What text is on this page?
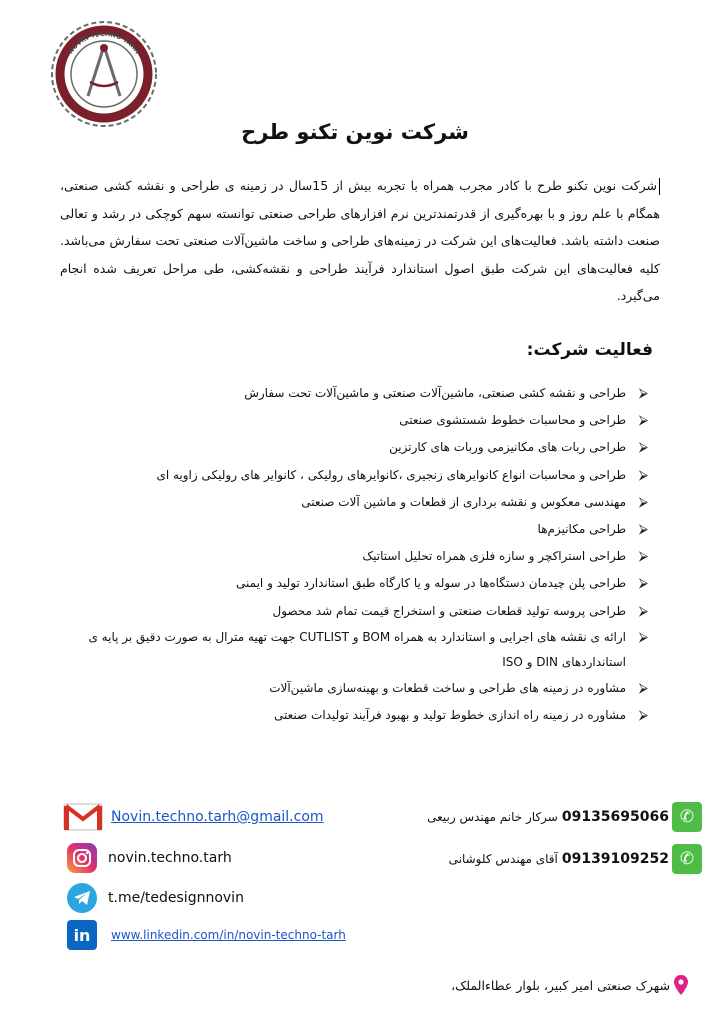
NOVIN TECHNO TARH
شرکت نوین تکنو طرح
شرکت نوین تکنو طرح با کادر مجرب همراه با تجربه بیش از 15سال در زمینه ی طراحی و نقشه کشی صنعتی، همگام با علم روز و با بهره‌گیری از قدرتمندترین نرم افزارهای طراحی صنعتی توانسته سهم کوچکی در رشد و تعالی صنعت داشته باشد. فعالیت‌های این شرکت در زمینه‌های طراحی و ساخت ماشین‌آلات صنعتی تحت سفارش می‌باشد. کلیه فعالیت‌های این شرکت طبق اصول استاندارد فرآیند طراحی و نقشه‌کشی، طی مراحل تعریف شده انجام می‌گیرد.
فعالیت شرکت:
⮚
طراحی و نقشه کشی صنعتی، ماشین‌آلات صنعتی و ماشین‌آلات تحت سفارش
⮚
طراحی و محاسبات خطوط شستشوی صنعتی
⮚
طراحی ربات های مکانیزمی وربات های کارتزین
⮚
طراحی و محاسبات انواع کانوایرهای زنجیری ،کانوایرهای رولیکی ، کانوایر های رولیکی زاویه ای
⮚
مهندسی معکوس و نقشه برداری از قطعات و ماشین آلات صنعتی
⮚
طراحی مکانیزم‌ها
⮚
طراحی استراکچر و سازه فلزی همراه تحلیل استاتیک
⮚
طراحی پلن چیدمان دستگاه‌ها در سوله و یا کارگاه طبق استاندارد تولید و ایمنی
⮚
طراحی پروسه تولید قطعات صنعتی و استخراج قیمت تمام شد محصول
⮚
ارائه ی نقشه های اجرایی و استاندارد به همراه BOM و CUTLIST جهت تهیه مترال به صورت دقیق بر پایه ی استانداردهای DIN و ISO
⮚
مشاوره در زمینه های طراحی و ساخت قطعات و بهینه‌سازی ماشین‌آلات
⮚
مشاوره در زمینه راه اندازی خطوط تولید و بهبود فرآیند تولیدات صنعتی
✆
09135695066
سرکار خانم مهندس ربیعی
✆
09139109252
آقای مهندس کلوشانی
Novin.techno.tarh@gmail.com
novin.techno.tarh
t.me/tedesignnovin
in	www.linkedin.com/in/novin-techno-tarh
شهرک صنعتی امیر کبیر، بلوار عطاءالملک،
